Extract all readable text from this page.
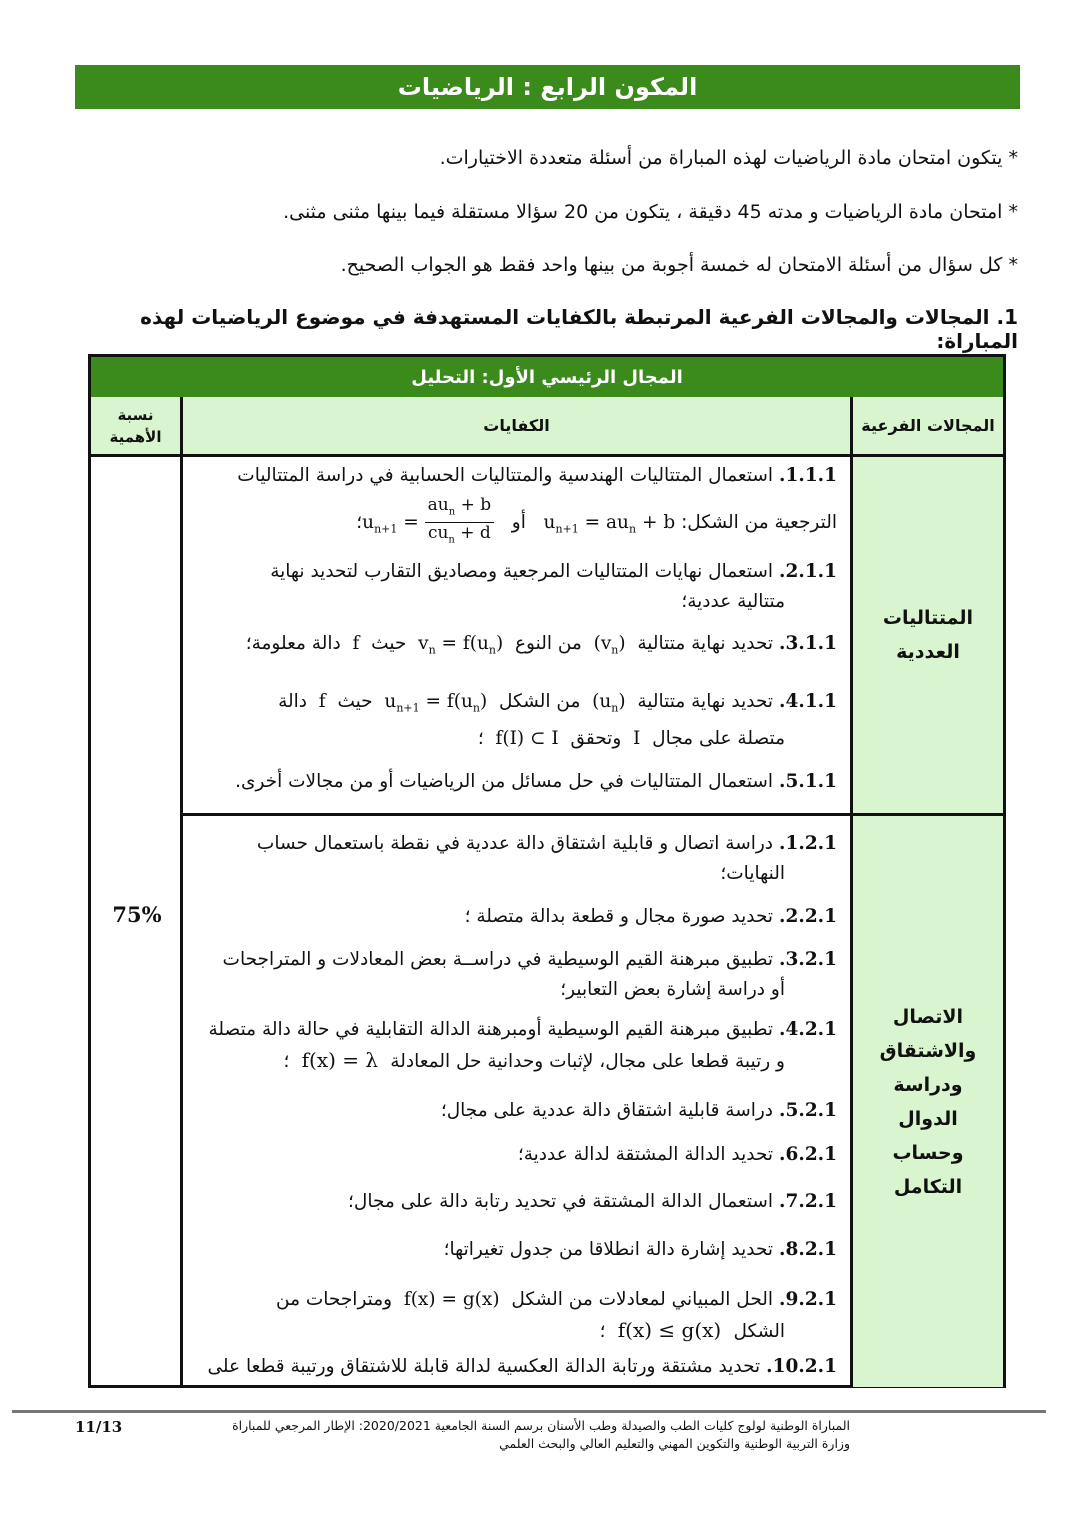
المكون الرابع : الرياضيات
* يتكون امتحان مادة الرياضيات لهذه المباراة من أسئلة متعددة الاختيارات.
* امتحان مادة الرياضيات و مدته 45 دقيقة ، يتكون من 20 سؤالا مستقلة فيما بينها مثنى مثنى.
* كل سؤال من أسئلة الامتحان له خمسة أجوبة من بينها واحد فقط هو الجواب الصحيح.
1. المجالات والمجالات الفرعية المرتبطة بالكفايات المستهدفة في موضوع الرياضيات لهذه المباراة:
المجال الرئيسي الأول: التحليل
المجالات الفرعية
الكفايات
نسبة الأهمية
المتتاليات العددية
الاتصال والاشتقاق ودراسة الدوال وحساب التكامل
75%
1.1.1.استعمال المتتاليات الهندسية والمتتاليات الحسابية في دراسة المتتاليات
الترجعية من الشكل: $u_{n+1} = au_n + b$   أو   $u_{n+1} = \frac{au_n + b}{cu_n + d}$
؛
2.1.1.استعمال نهايات المتتاليات المرجعية ومصاديق التقارب لتحديد نهاية
متتالية عددية؛
3.1.1.تحديد نهاية متتالية  $(v_n)$  من النوع  $v_n = f(u_n)$  حيث  f  دالة معلومة؛
4.1.1.تحديد نهاية متتالية  $(u_n)$  من الشكل  $u_{n+1} = f(u_n)$  حيث  f  دالة
متصلة على مجال  I  وتحقق  f(I) ⊂ I  ؛
5.1.1.استعمال المتتاليات في حل مسائل من الرياضيات أو من مجالات أخرى.
1.2.1.دراسة اتصال و قابلية اشتقاق دالة عددية في نقطة باستعمال حساب
النهايات؛
2.2.1.تحديد صورة مجال و قطعة بدالة متصلة ؛
3.2.1.تطبيق مبرهنة القيم الوسيطية في دراســة بعض المعادلات و المتراجحات
أو دراسة إشارة بعض التعابير؛
4.2.1.تطبيق مبرهنة القيم الوسيطية أومبرهنة الدالة التقابلية في حالة دالة متصلة
و رتيبة قطعا على مجال، لإثبات وحدانية حل المعادلة  f(x) = λ  ؛
5.2.1.دراسة قابلية اشتقاق دالة عددية على مجال؛
6.2.1.تحديد الدالة المشتقة لدالة عددية؛
7.2.1.استعمال الدالة المشتقة في تحديد رتابة دالة على مجال؛
8.2.1.تحديد إشارة دالة انطلاقا من جدول تغيراتها؛
9.2.1.الحل المبياني لمعادلات من الشكل  f(x) = g(x)  ومتراجحات من
الشكل  f(x) ≤ g(x)  ؛
10.2.1.تحديد مشتقة ورتابة الدالة العكسية لدالة قابلة للاشتقاق ورتيبة قطعا على
المباراة الوطنية لولوج كليات الطب والصيدلة وطب الأسنان برسم السنة الجامعية 2020/2021: الإطار المرجعي للمباراة
وزارة التربية الوطنية والتكوين المهني والتعليم العالي والبحث العلمي
11/13
